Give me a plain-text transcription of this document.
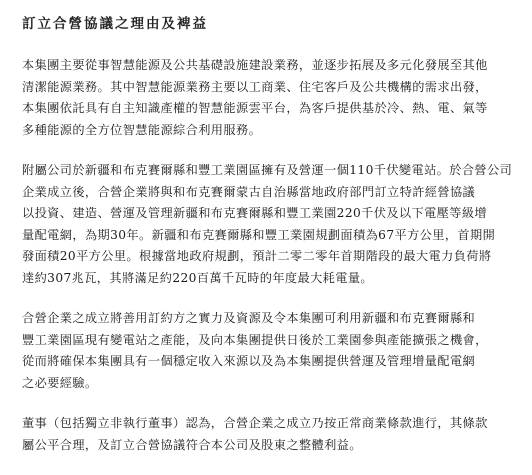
訂立合營協議之理由及裨益
本集團主要從事智慧能源及公共基礎設施建設業務，並逐步拓展及多元化發展至其他
清潔能源業務。其中智慧能源業務主要以工商業、住宅客戶及公共機構的需求出發，
本集團依託具有自主知識產權的智慧能源雲平台，為客戶提供基於冷、熱、電、氣等
多種能源的全方位智慧能源綜合利用服務。
附屬公司於新疆和布克賽爾縣和豐工業園區擁有及營運一個110千伏變電站。於合營公司
企業成立後，合營企業將與和布克賽爾蒙古自治縣當地政府部門訂立特許經營協議
以投資、建造、營運及管理新疆和布克賽爾縣和豐工業園220千伏及以下電壓等級增
量配電網，為期30年。新疆和布克賽爾縣和豐工業園規劃面積為67平方公里，首期開
發面積20平方公里。根據當地政府規劃，預計二零二零年首期階段的最大電力負荷將
達約307兆瓦，其將滿足約220百萬千瓦時的年度最大耗電量。
合營企業之成立將善用訂約方之實力及資源及令本集團可利用新疆和布克賽爾縣和
豐工業園區現有變電站之產能，及向本集團提供日後於工業園參與產能擴張之機會，
從而將確保本集團具有一個穩定收入來源以及為本集團提供營運及管理增量配電網
之必要經驗。
董事（包括獨立非執行董事）認為，合營企業之成立乃按正常商業條款進行，其條款
屬公平合理，及訂立合營協議符合本公司及股東之整體利益。
